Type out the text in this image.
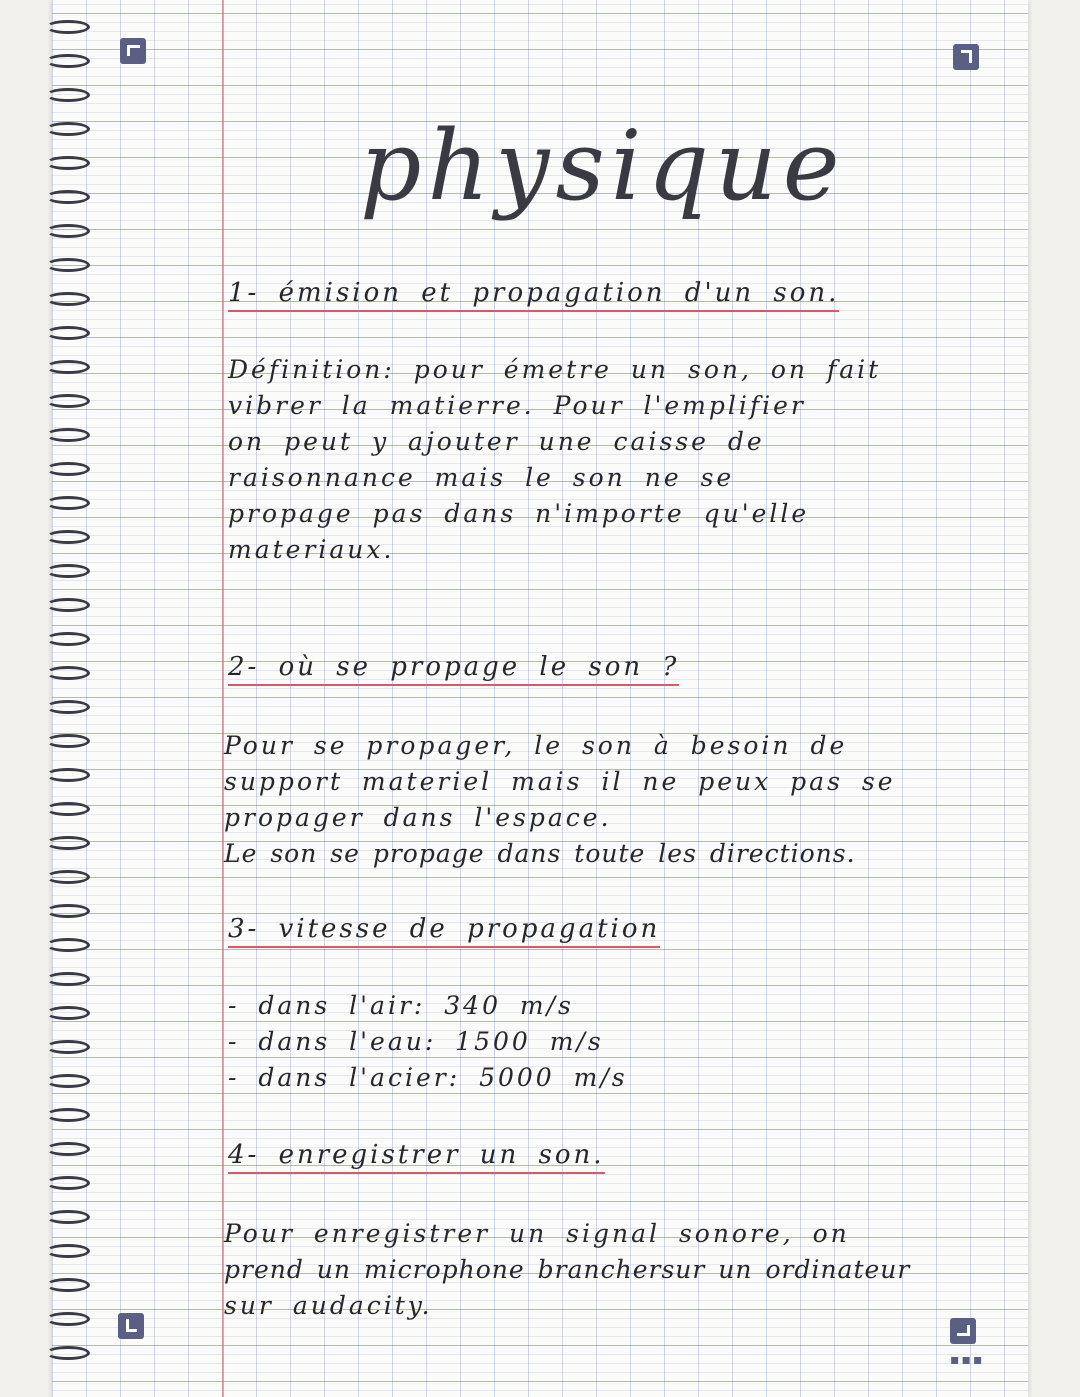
▪▪▪
physique
1- émision et propagation d'un son.
Définition: pour émetre un son, on fait
vibrer la matierre. Pour l'emplifier
on peut y ajouter une caisse de
raisonnance mais le son ne se
propage pas dans n'importe qu'elle
materiaux.
2- où se propage le son ?
Pour se propager, le son à besoin de
support materiel mais il ne peux pas se
propager dans l'espace.
Le son se propage dans toute les directions.
3- vitesse de propagation
- dans l'air: 340 m/s
- dans l'eau: 1500 m/s
- dans l'acier: 5000 m/s
4- enregistrer un son.
Pour enregistrer un signal sonore, on
prend un microphone branchersur un ordinateur
sur audacity.
